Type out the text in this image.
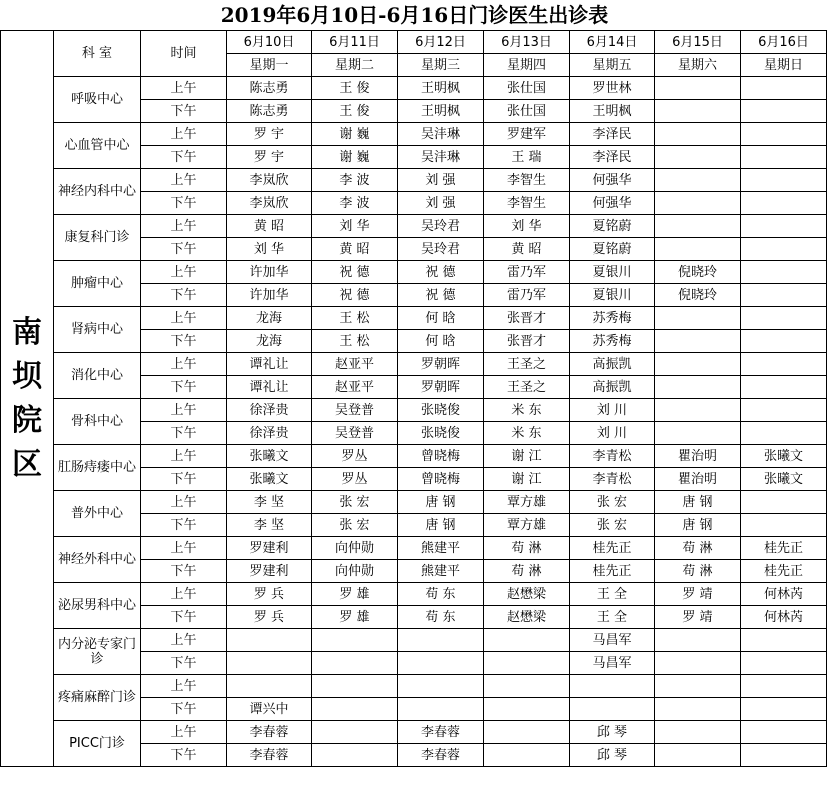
2019年6月10日-6月16日门诊医生出诊表
南
坝
院
区	科 室	时间	6月10日	6月11日	6月12日	6月13日	6月14日	6月15日	6月16日
			星期一	星期二	星期三	星期四	星期五	星期六	星期日
	呼吸中心	上午	陈志勇	王 俊	王明枫	张仕国	罗世林		
		下午	陈志勇	王 俊	王明枫	张仕国	王明枫		
	心血管中心	上午	罗 宇	谢 巍	吴沣琳	罗建军	李泽民		
		下午	罗 宇	谢 巍	吴沣琳	王 瑞	李泽民		
	神经内科中心	上午	李岚欣	李 波	刘 强	李智生	何强华		
		下午	李岚欣	李 波	刘 强	李智生	何强华		
	康复科门诊	上午	黄 昭	刘 华	吴玲君	刘 华	夏铭蔚		
		下午	刘 华	黄 昭	吴玲君	黄 昭	夏铭蔚		
	肿瘤中心	上午	许加华	祝 德	祝 德	雷乃军	夏银川	倪晓玲	
		下午	许加华	祝 德	祝 德	雷乃军	夏银川	倪晓玲	
	肾病中心	上午	龙海	王 松	何 晗	张晋才	苏秀梅		
		下午	龙海	王 松	何 晗	张晋才	苏秀梅		
	消化中心	上午	谭礼让	赵亚平	罗朝晖	王圣之	高振凯		
		下午	谭礼让	赵亚平	罗朝晖	王圣之	高振凯		
	骨科中心	上午	徐泽贵	吴登普	张晓俊	米 东	刘 川		
		下午	徐泽贵	吴登普	张晓俊	米 东	刘 川		
	肛肠痔瘘中心	上午	张曦文	罗丛	曾晓梅	谢 江	李青松	瞿治明	张曦文
		下午	张曦文	罗丛	曾晓梅	谢 江	李青松	瞿治明	张曦文
	普外中心	上午	李 坚	张 宏	唐 钢	覃方雄	张 宏	唐 钢	
		下午	李 坚	张 宏	唐 钢	覃方雄	张 宏	唐 钢	
	神经外科中心	上午	罗建利	向仲勋	熊建平	苟 淋	桂先正	苟 淋	桂先正
		下午	罗建利	向仲勋	熊建平	苟 淋	桂先正	苟 淋	桂先正
	泌尿男科中心	上午	罗 兵	罗 雄	苟 东	赵懋梁	王 全	罗 靖	何林芮
		下午	罗 兵	罗 雄	苟 东	赵懋梁	王 全	罗 靖	何林芮
	内分泌专家门诊	上午					马昌军		
		下午					马昌军		
	疼痛麻醉门诊	上午							
		下午	谭兴中						
	PICC门诊	上午	李春蓉		李春蓉		邱 琴		
		下午	李春蓉		李春蓉		邱 琴		
